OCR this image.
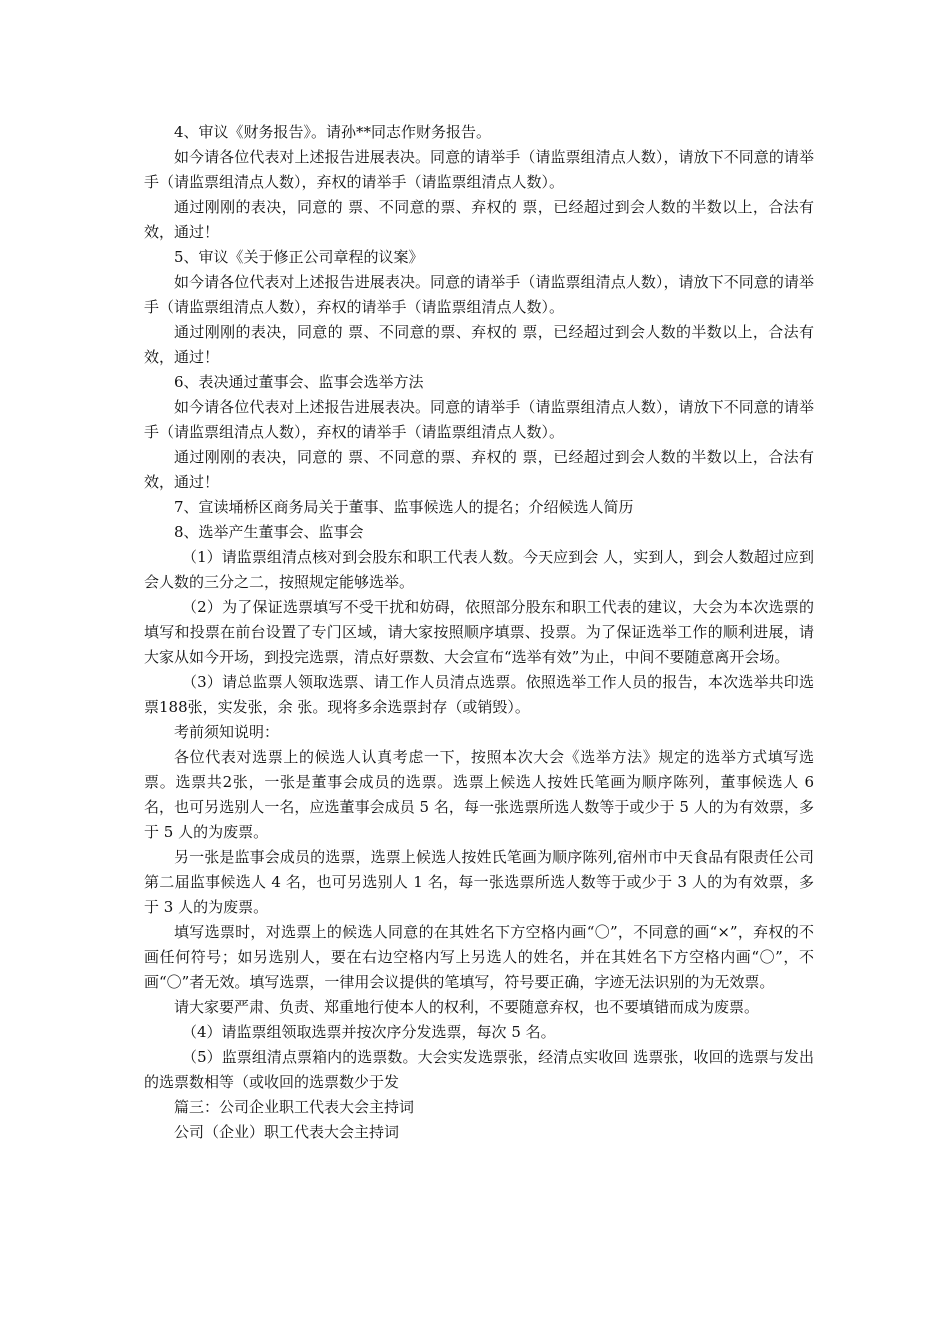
4、审议《财务报告》。请孙**同志作财务报告。

如今请各位代表对上述报告进展表决。同意的请举手（请监票组清点人数），请放下不同意的请举手（请监票组清点人数），弃权的请举手（请监票组清点人数）。

通过刚刚的表决，同意的 票、不同意的票、弃权的 票，已经超过到会人数的半数以上，合法有效，通过！

5、审议《关于修正公司章程的议案》

如今请各位代表对上述报告进展表决。同意的请举手（请监票组清点人数），请放下不同意的请举手（请监票组清点人数），弃权的请举手（请监票组清点人数）。

通过刚刚的表决，同意的 票、不同意的票、弃权的 票，已经超过到会人数的半数以上，合法有效，通过！

6、表决通过董事会、监事会选举方法

如今请各位代表对上述报告进展表决。同意的请举手（请监票组清点人数），请放下不同意的请举手（请监票组清点人数），弃权的请举手（请监票组清点人数）。

通过刚刚的表决，同意的 票、不同意的票、弃权的 票，已经超过到会人数的半数以上，合法有效，通过！

7、宣读埇桥区商务局关于董事、监事候选人的提名；介绍候选人简历

8、选举产生董事会、监事会

（1）请监票组清点核对到会股东和职工代表人数。今天应到会 人，实到人，到会人数超过应到会人数的三分之二，按照规定能够选举。

（2）为了保证选票填写不受干扰和妨碍，依照部分股东和职工代表的建议，大会为本次选票的填写和投票在前台设置了专门区域，请大家按照顺序填票、投票。为了保证选举工作的顺利进展，请大家从如今开场，到投完选票，清点好票数、大会宣布“选举有效”为止，中间不要随意离开会场。

（3）请总监票人领取选票、请工作人员清点选票。依照选举工作人员的报告，本次选举共印选票188张，实发张，余 张。现将多余选票封存（或销毁）。

考前须知说明：

各位代表对选票上的候选人认真考虑一下，按照本次大会《选举方法》规定的选举方式填写选票。选票共2张，一张是董事会成员的选票。选票上候选人按姓氏笔画为顺序陈列，董事候选人 6 名，也可另选别人一名，应选董事会成员 5 名，每一张选票所选人数等于或少于 5 人的为有效票，多于 5 人的为废票。

另一张是监事会成员的选票，选票上候选人按姓氏笔画为顺序陈列,宿州市中天食品有限责任公司第二届监事候选人 4 名，也可另选别人 1 名，每一张选票所选人数等于或少于 3 人的为有效票，多于 3 人的为废票。

填写选票时，对选票上的候选人同意的在其姓名下方空格内画“〇”，不同意的画“×”，弃权的不画任何符号；如另选别人，要在右边空格内写上另选人的姓名，并在其姓名下方空格内画“〇”，不画“〇”者无效。填写选票，一律用会议提供的笔填写，符号要正确，字迹无法识别的为无效票。

请大家要严肃、负责、郑重地行使本人的权利，不要随意弃权，也不要填错而成为废票。

（4）请监票组领取选票并按次序分发选票，每次 5 名。

（5）监票组清点票箱内的选票数。大会实发选票张，经清点实收回 选票张，收回的选票与发出的选票数相等（或收回的选票数少于发

篇三：公司企业职工代表大会主持词

公司（企业）职工代表大会主持词
